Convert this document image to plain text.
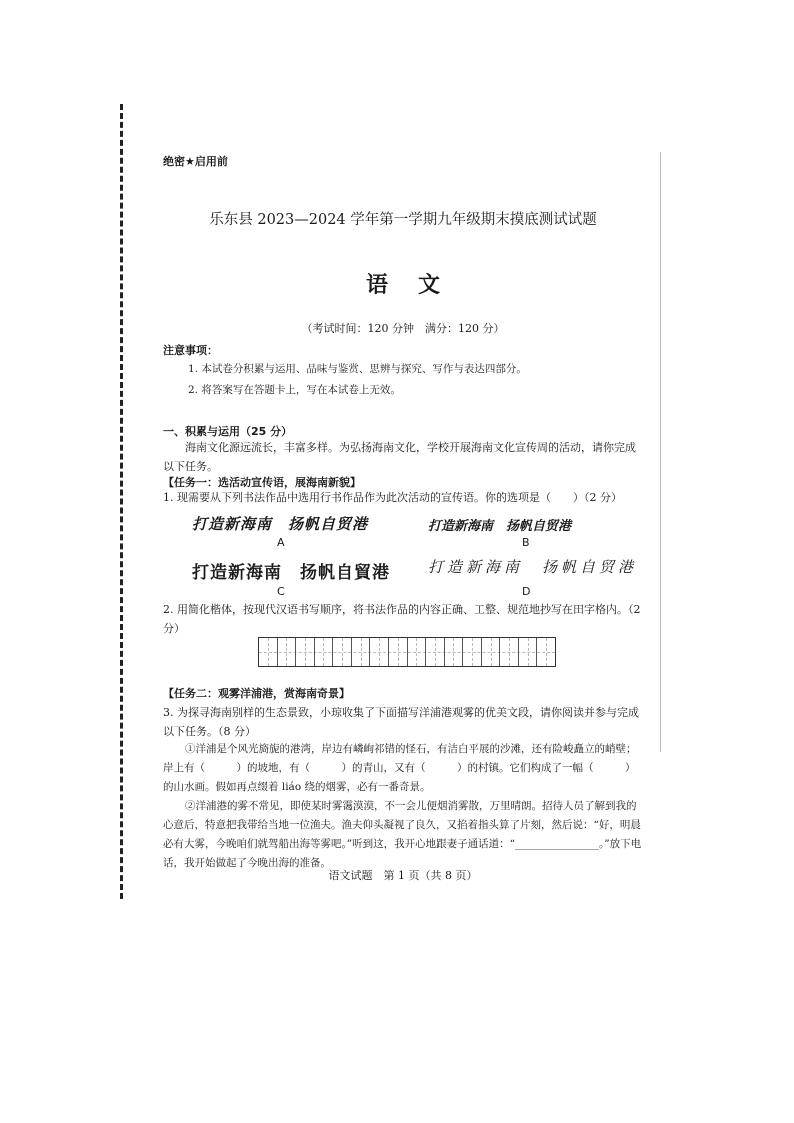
绝密★启用前

乐东县 2023—2024 学年第一学期九年级期末摸底测试试题

语文

（考试时间：120 分钟　满分：120 分）

注意事项：

1. 本试卷分积累与运用、品味与鉴赏、思辨与探究、写作与表达四部分。

2. 将答案写在答题卡上，写在本试卷上无效。

一、积累与运用（25 分）

海南文化源远流长，丰富多样。为弘扬海南文化，学校开展海南文化宣传周的活动，请你完成以下任务。

【任务一：选活动宣传语，展海南新貌】

1. 现需要从下列书法作品中选用行书作品作为此次活动的宣传语。你的选项是（　　）（2 分）

打造新海南　扬帆自贸港	打造新海南　扬帆自贸港
A	B
打造新海南　扬帆自貿港	打造新海南　扬帆自贸港
C	D

2. 用简化楷体，按现代汉语书写顺序，将书法作品的内容正确、工整、规范地抄写在田字格内。（2 分）

【任务二：观雾洋浦港，赏海南奇景】

3. 为探寻海南别样的生态景致，小琼收集了下面描写洋浦港观雾的优美文段，请你阅读并参与完成以下任务。（8 分）

①洋浦是个风光旖旎的港湾，岸边有嶙峋祁错的怪石，有洁白平展的沙滩，还有险峻矗立的峭壁；岸上有（　　　）的坡地，有（　　　）的青山，又有（　　　）的村镇。它们构成了一幅（　　　）的山水画。假如再点缀着 liáo 绕的烟雾，必有一番奇景。

②洋浦港的雾不常见，即使某时雾霭漠漠，不一会儿便烟消雾散，万里晴朗。招待人员了解到我的心意后，特意把我带给当地一位渔夫。渔夫仰头凝视了良久，又掐着指头算了片刻，然后说：“好，明晨必有大雾，今晚咱们就驾船出海等雾吧。”听到这，我开心地跟妻子通话道：“________________。”放下电话，我开始做起了今晚出海的准备。

语文试题　第 1 页（共 8 页）
